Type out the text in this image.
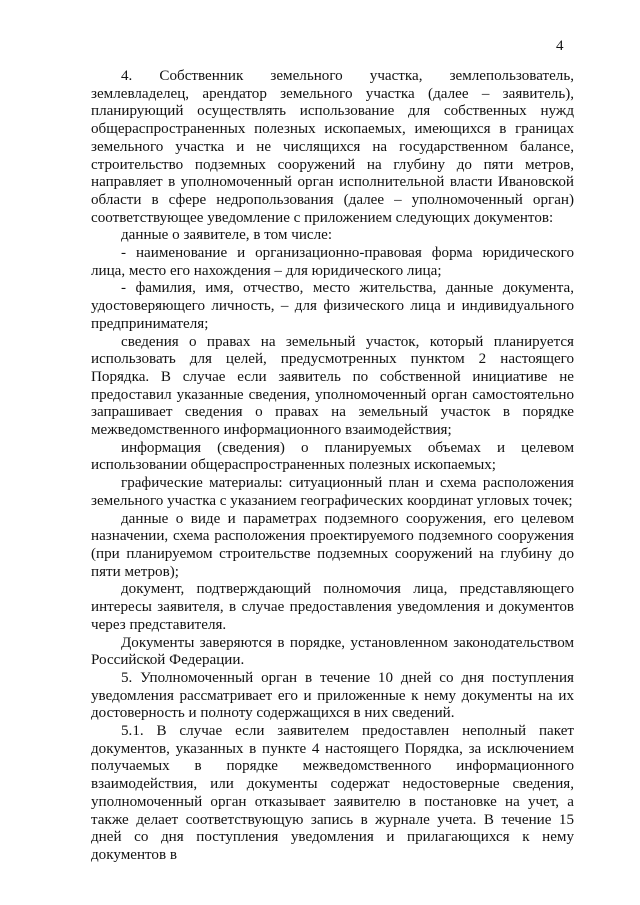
4

4. Собственник земельного участка, землепользователь, землевладелец, арендатор земельного участка (далее – заявитель), планирующий осуществлять использование для собственных нужд общераспространенных полезных ископаемых, имеющихся в границах земельного участка и не числящихся на государственном балансе, строительство подземных сооружений на глубину до пяти метров, направляет в уполномоченный орган исполнительной власти Ивановской области в сфере недропользования (далее – уполномоченный орган) соответствующее уведомление с приложением следующих документов:

данные о заявителе, в том числе:

- наименование и организационно-правовая форма юридического лица, место его нахождения – для юридического лица;

- фамилия, имя, отчество, место жительства, данные документа, удостоверяющего личность, – для физического лица и индивидуального предпринимателя;

сведения о правах на земельный участок, который планируется использовать для целей, предусмотренных пунктом 2 настоящего Порядка. В случае если заявитель по собственной инициативе не предоставил указанные сведения, уполномоченный орган самостоятельно запрашивает сведения о правах на земельный участок в порядке межведомственного информационного взаимодействия;

информация (сведения) о планируемых объемах и целевом использовании общераспространенных полезных ископаемых;

графические материалы: ситуационный план и схема расположения земельного участка с указанием географических координат угловых точек;

данные о виде и параметрах подземного сооружения, его целевом назначении, схема расположения проектируемого подземного сооружения (при планируемом строительстве подземных сооружений на глубину до пяти метров);

документ, подтверждающий полномочия лица, представляющего интересы заявителя, в случае предоставления уведомления и документов через представителя.

Документы заверяются в порядке, установленном законодательством Российской Федерации.

5. Уполномоченный орган в течение 10 дней со дня поступления уведомления рассматривает его и приложенные к нему документы на их достоверность и полноту содержащихся в них сведений.

5.1. В случае если заявителем предоставлен неполный пакет документов, указанных в пункте 4 настоящего Порядка, за исключением получаемых в порядке межведомственного информационного взаимодействия, или документы содержат недостоверные сведения, уполномоченный орган отказывает заявителю в постановке на учет, а также делает соответствующую запись в журнале учета. В течение 15 дней со дня поступления уведомления и прилагающихся к нему документов в
